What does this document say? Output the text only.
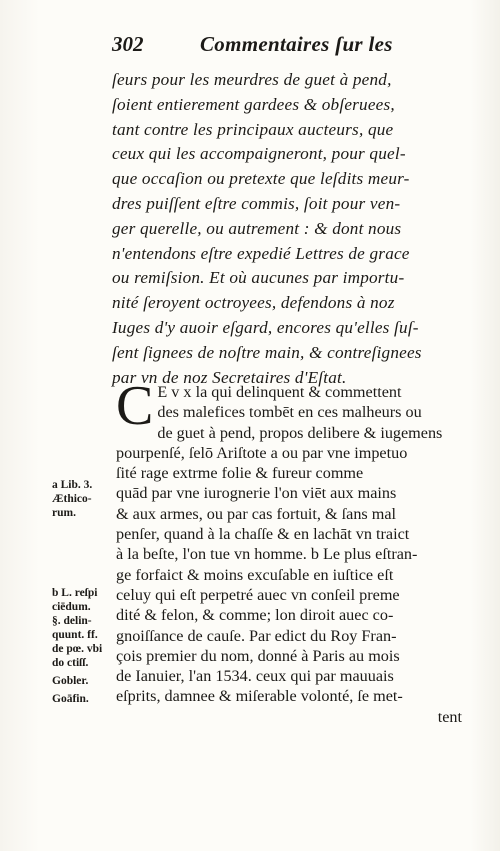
302	Commentaires ſur les
ſeurs pour les meurdres de guet à pend,
ſoient entierement gardees & obſeruees,
tant contre les principaux aucteurs, que
ceux qui les accompaigneront, pour quel-
que occaſion ou pretexte que leſdits meur-
dres puiſſent eſtre commis, ſoit pour ven-
ger querelle, ou autrement : & dont nous
n'entendons eſtre expedié Lettres de grace
ou remiſsion. Et où aucunes par importu-
nité ſeroyent octroyees, defendons à noz
Iuges d'y auoir eſgard, encores qu'elles ſuſ-
ſent ſignees de noſtre main, & contreſignees
par vn de noz Secretaires d'Eſtat.
C E v x la qui delinquent & commettent
des malefices tombēt en ces malheurs ou
de guet à pend, propos delibere & iugemens
pourpenſé, ſelō Ariſtote a ou par vne impetuo
ſité rage extrme folie & fureur comme
quād par vne iurognerie l'on viēt aux mains
& aux armes, ou par cas fortuit, & ſans mal
penſer, quand à la chaſſe & en lachāt vn traict
à la beſte, l'on tue vn homme. b Le plus eſtran-
ge forfaict & moins excuſable en iuſtice eſt
celuy qui eſt perpetré auec vn conſeil preme
dité & felon, & comme; lon diroit auec co-
gnoiſſance de cauſe. Par edict du Roy Fran-
çois premier du nom, donné à Paris au mois
de Ianuier, l'an 1534. ceux qui par mauuais
eſprits, damnee & miſerable volonté, ſe met-
tent
a Lib. 3.
Æthico-
rum.
b L. reſpi
ciēdum.
§. delin-
quunt. ff.
de pœ. vbi
do ctiſſ.
Gobler.
Goāfin.
